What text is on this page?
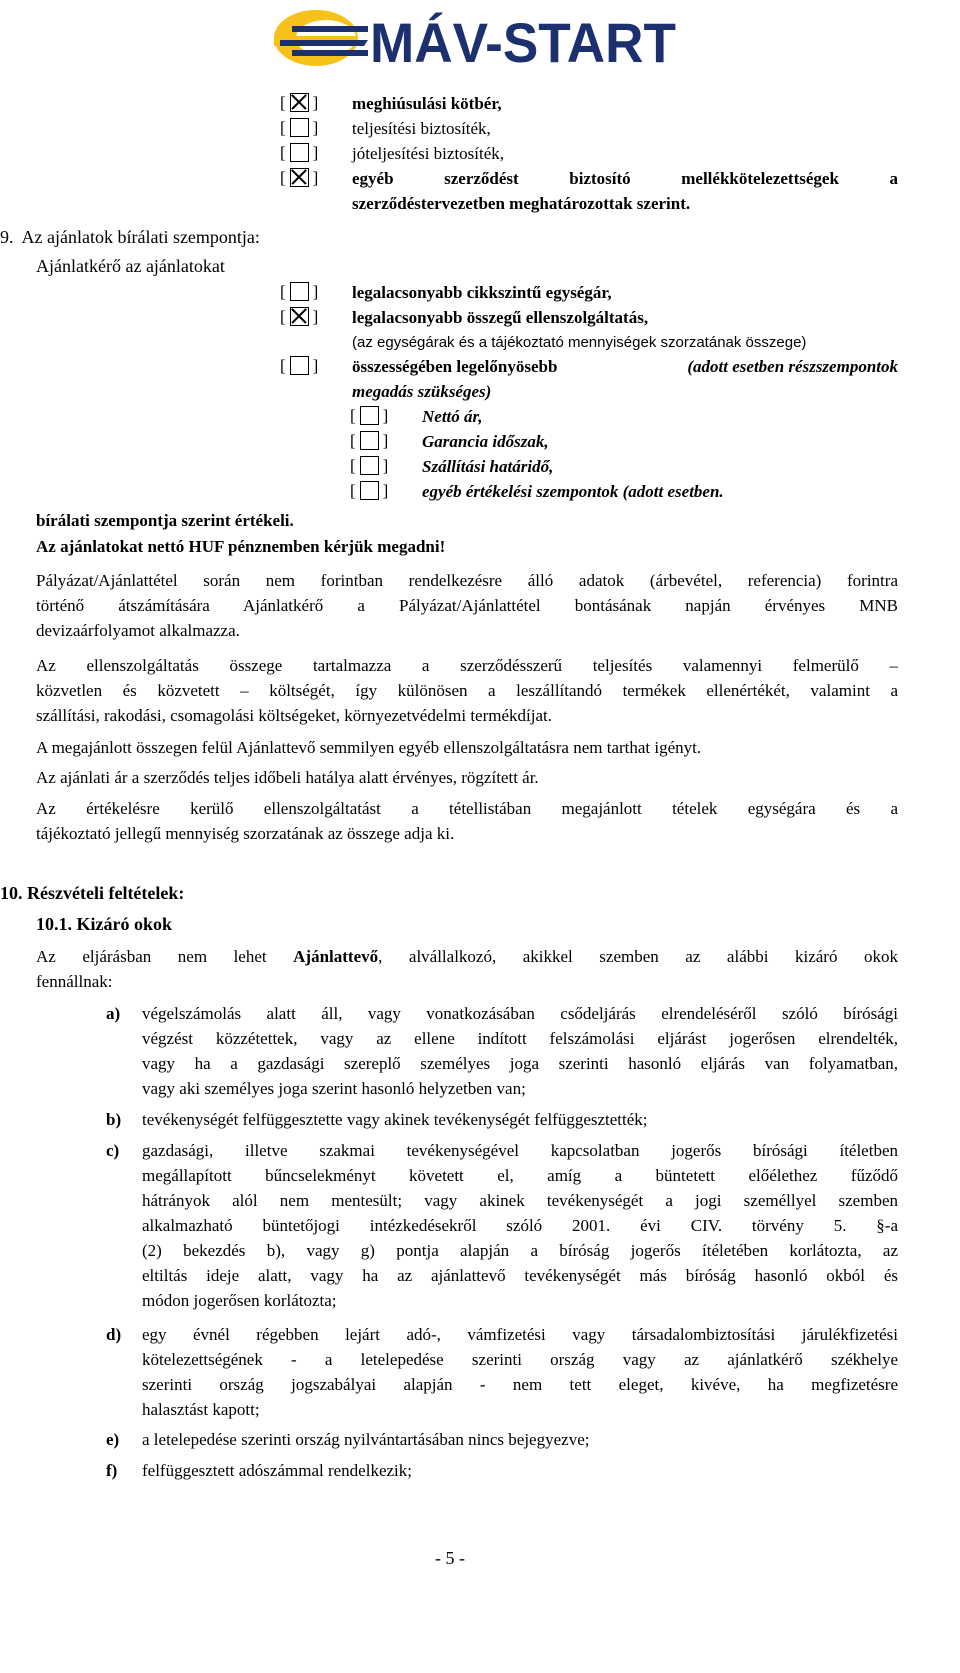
MÁV-START
[ ] meghiúsulási kötbér,
[ ] teljesítési biztosíték,
[ ] jóteljesítési biztosíték,
[ ] egyéb szerződést biztosító mellékkötelezettségek a
szerződéstervezetben meghatározottak szerint.
9.  Az ajánlatok bírálati szempontja:
Ajánlatkérő az ajánlatokat
[ ] legalacsonyabb cikkszintű egységár,
[ ] legalacsonyabb összegű ellenszolgáltatás,
(az egységárak és a tájékoztató mennyiségek szorzatának összege)
[ ] összességében legelőnyösebb	(adott esetben részszempontok
megadás szükséges)
[ ] Nettó ár,
[ ] Garancia időszak,
[ ] Szállítási határidő,
[ ] egyéb értékelési szempontok (adott esetben.
bírálati szempontja szerint értékeli.
Az ajánlatokat nettó HUF pénznemben kérjük megadni!
Pályázat/Ajánlattétel során nem forintban rendelkezésre álló adatok (árbevétel, referencia) forintra
történő átszámítására Ajánlatkérő a Pályázat/Ajánlattétel bontásának napján érvényes MNB
devizaárfolyamot alkalmazza.
Az ellenszolgáltatás összege tartalmazza a szerződésszerű teljesítés valamennyi felmerülő –
közvetlen és közvetett – költségét, így különösen a leszállítandó termékek ellenértékét, valamint a
szállítási, rakodási, csomagolási költségeket, környezetvédelmi termékdíjat.
A megajánlott összegen felül Ajánlattevő semmilyen egyéb ellenszolgáltatásra nem tarthat igényt.
Az ajánlati ár a szerződés teljes időbeli hatálya alatt érvényes, rögzített ár.
Az értékelésre kerülő ellenszolgáltatást a tétellistában megajánlott tételek egységára és a
tájékoztató jellegű mennyiség szorzatának az összege adja ki.
10. Részvételi feltételek:
10.1. Kizáró okok
Az eljárásban nem lehet Ajánlattevő, alvállalkozó, akikkel szemben az alábbi kizáró okok
fennállnak:
a) végelszámolás alatt áll, vagy vonatkozásában csődeljárás elrendeléséről szóló bírósági
végzést közzétettek, vagy az ellene indított felszámolási eljárást jogerősen elrendelték,
vagy ha a gazdasági szereplő személyes joga szerinti hasonló eljárás van folyamatban,
vagy aki személyes joga szerint hasonló helyzetben van;
b) tevékenységét felfüggesztette vagy akinek tevékenységét felfüggesztették;
c) gazdasági, illetve szakmai tevékenységével kapcsolatban jogerős bírósági ítéletben
megállapított bűncselekményt követett el, amíg a büntetett előélethez fűződő
hátrányok alól nem mentesült; vagy akinek tevékenységét a jogi személlyel szemben
alkalmazható büntetőjogi intézkedésekről szóló 2001. évi CIV. törvény 5. §-a
(2) bekezdés b), vagy g) pontja alapján a bíróság jogerős ítéletében korlátozta, az
eltiltás ideje alatt, vagy ha az ajánlattevő tevékenységét más bíróság hasonló okból és
módon jogerősen korlátozta;
d) egy évnél régebben lejárt adó-, vámfizetési vagy társadalombiztosítási járulékfizetési
kötelezettségének - a letelepedése szerinti ország vagy az ajánlatkérő székhelye
szerinti ország jogszabályai alapján - nem tett eleget, kivéve, ha megfizetésre
halasztást kapott;
e) a letelepedése szerinti ország nyilvántartásában nincs bejegyezve;
f) felfüggesztett adószámmal rendelkezik;
- 5 -
